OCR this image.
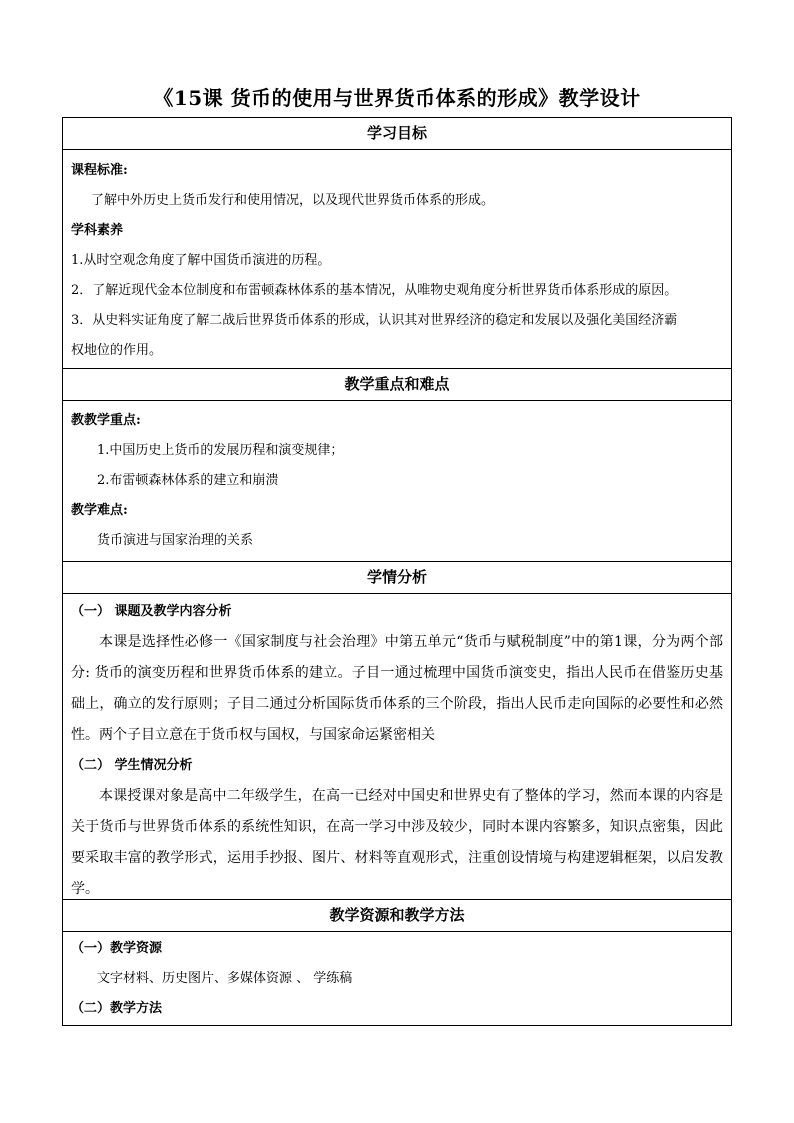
《15课 货币的使用与世界货币体系的形成》教学设计
学习目标
课程标准:
了解中外历史上货币发行和使用情况，以及现代世界货币体系的形成。
学科素养
1.从时空观念角度了解中国货币演进的历程。
2．了解近现代金本位制度和布雷顿森林体系的基本情况，从唯物史观角度分析世界货币体系形成的原因。
3．从史料实证角度了解二战后世界货币体系的形成，认识其对世界经济的稳定和发展以及强化美国经济霸
权地位的作用。
教学重点和难点
教教学重点:
1.中国历史上货币的发展历程和演变规律；
2.布雷顿森林体系的建立和崩溃
教学难点:
货币演进与国家治理的关系
学情分析
（一） 课题及教学内容分析
本课是选择性必修一《国家制度与社会治理》中第五单元“货币与赋税制度”中的第1课，分为两个部分: 货币的演变历程和世界货币体系的建立。子目一通过梳理中国货币演变史，指出人民币在借鉴历史基础上，确立的发行原则；子目二通过分析国际货币体系的三个阶段，指出人民币走向国际的必要性和必然性。两个子目立意在于货币权与国权，与国家命运紧密相关
（二） 学生情况分析
本课授课对象是高中二年级学生，在高一已经对中国史和世界史有了整体的学习，然而本课的内容是关于货币与世界货币体系的系统性知识，在高一学习中涉及较少，同时本课内容繁多，知识点密集，因此要采取丰富的教学形式，运用手抄报、图片、材料等直观形式，注重创设情境与构建逻辑框架，以启发教学。
教学资源和教学方法
（一）教学资源
文字材料、历史图片、多媒体资源 、 学练稿
（二）教学方法
